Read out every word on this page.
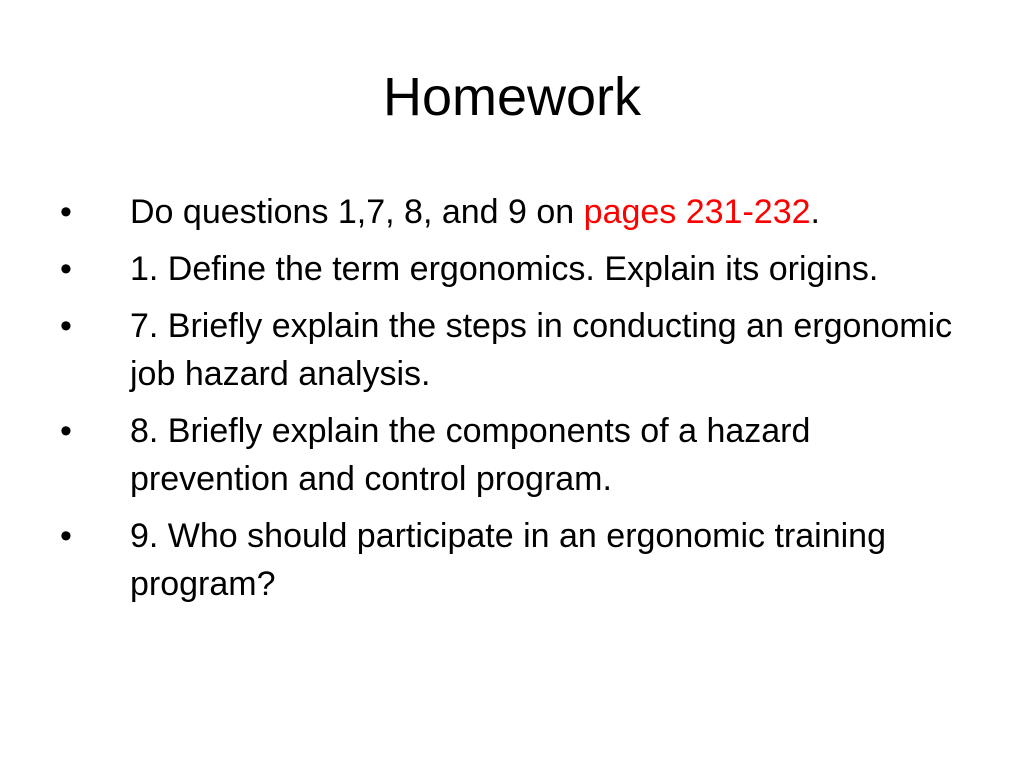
Homework
•	Do questions 1,7, 8, and 9 on pages 231-232.
•	1. Define the term ergonomics. Explain its origins.
•	7. Briefly explain the steps in conducting an ergonomic job hazard analysis.
•	8. Briefly explain the components of a hazard prevention and control program.
•	9. Who should participate in an ergonomic training program?
